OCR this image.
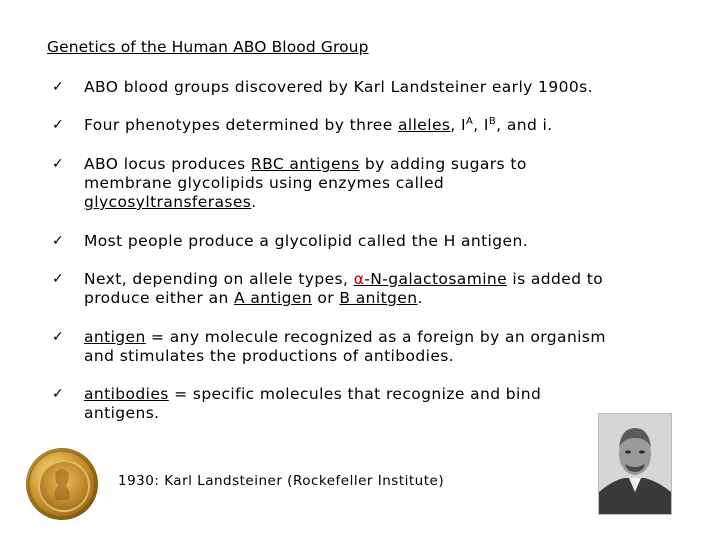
Genetics of the Human ABO Blood Group
✓	ABO blood groups discovered by Karl Landsteiner early 1900s.
✓	Four phenotypes determined by three alleles, $I^A$, $I^B$, and i.
✓	ABO locus produces RBC antigens by adding sugars to
membrane glycolipids using enzymes called
glycosyltransferases.
✓	Most people produce a glycolipid called the H antigen.
✓	Next, depending on allele types, α-N-galactosamine is added to
produce either an A antigen or B anitgen.
✓	antigen = any molecule recognized as a foreign by an organism
and stimulates the productions of antibodies.
✓	antibodies = specific molecules that recognize and bind
antigens.
1930: Karl Landsteiner (Rockefeller Institute)
